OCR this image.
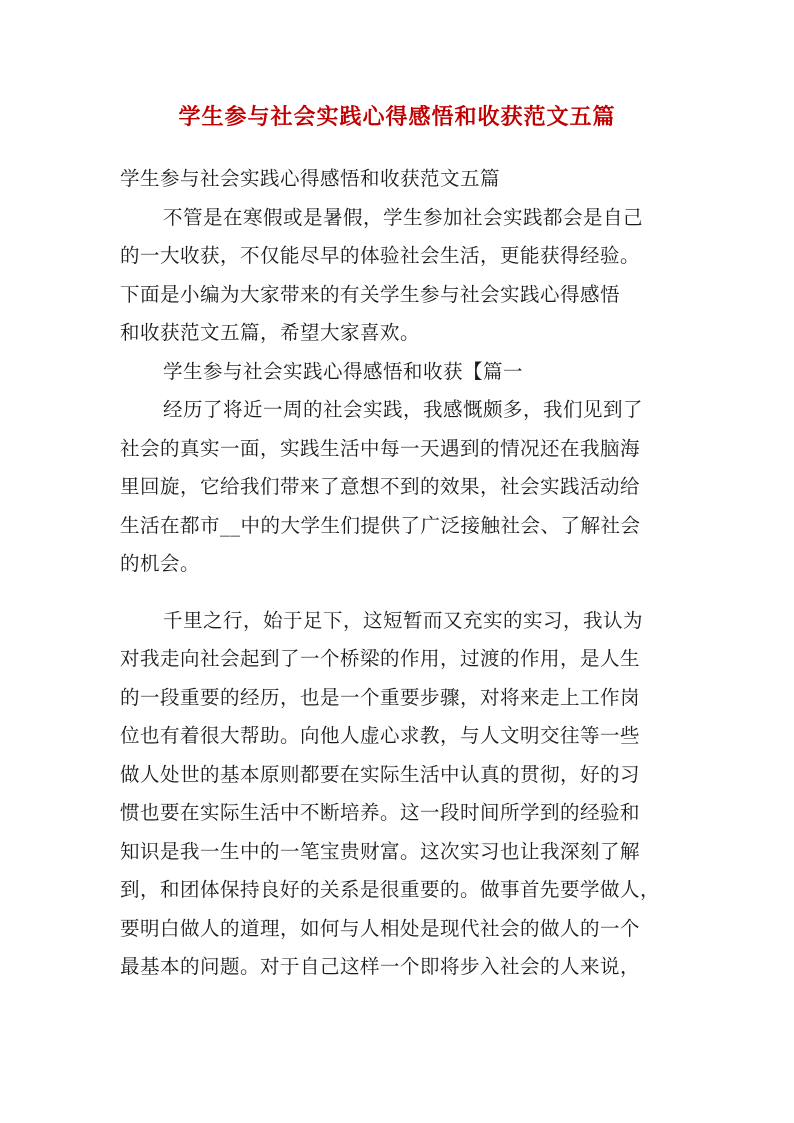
学生参与社会实践心得感悟和收获范文五篇
学生参与社会实践心得感悟和收获范文五篇
不管是在寒假或是暑假，学生参加社会实践都会是自己
的一大收获，不仅能尽早的体验社会生活，更能获得经验。
下面是小编为大家带来的有关学生参与社会实践心得感悟
和收获范文五篇，希望大家喜欢。
学生参与社会实践心得感悟和收获【篇一
经历了将近一周的社会实践，我感慨颇多，我们见到了
社会的真实一面，实践生活中每一天遇到的情况还在我脑海
里回旋，它给我们带来了意想不到的效果，社会实践活动给
生活在都市__中的大学生们提供了广泛接触社会、了解社会
的机会。
千里之行，始于足下，这短暂而又充实的实习，我认为
对我走向社会起到了一个桥梁的作用，过渡的作用，是人生
的一段重要的经历，也是一个重要步骤，对将来走上工作岗
位也有着很大帮助。向他人虚心求教，与人文明交往等一些
做人处世的基本原则都要在实际生活中认真的贯彻，好的习
惯也要在实际生活中不断培养。这一段时间所学到的经验和
知识是我一生中的一笔宝贵财富。这次实习也让我深刻了解
到，和团体保持良好的关系是很重要的。做事首先要学做人，
要明白做人的道理，如何与人相处是现代社会的做人的一个
最基本的问题。对于自己这样一个即将步入社会的人来说，
